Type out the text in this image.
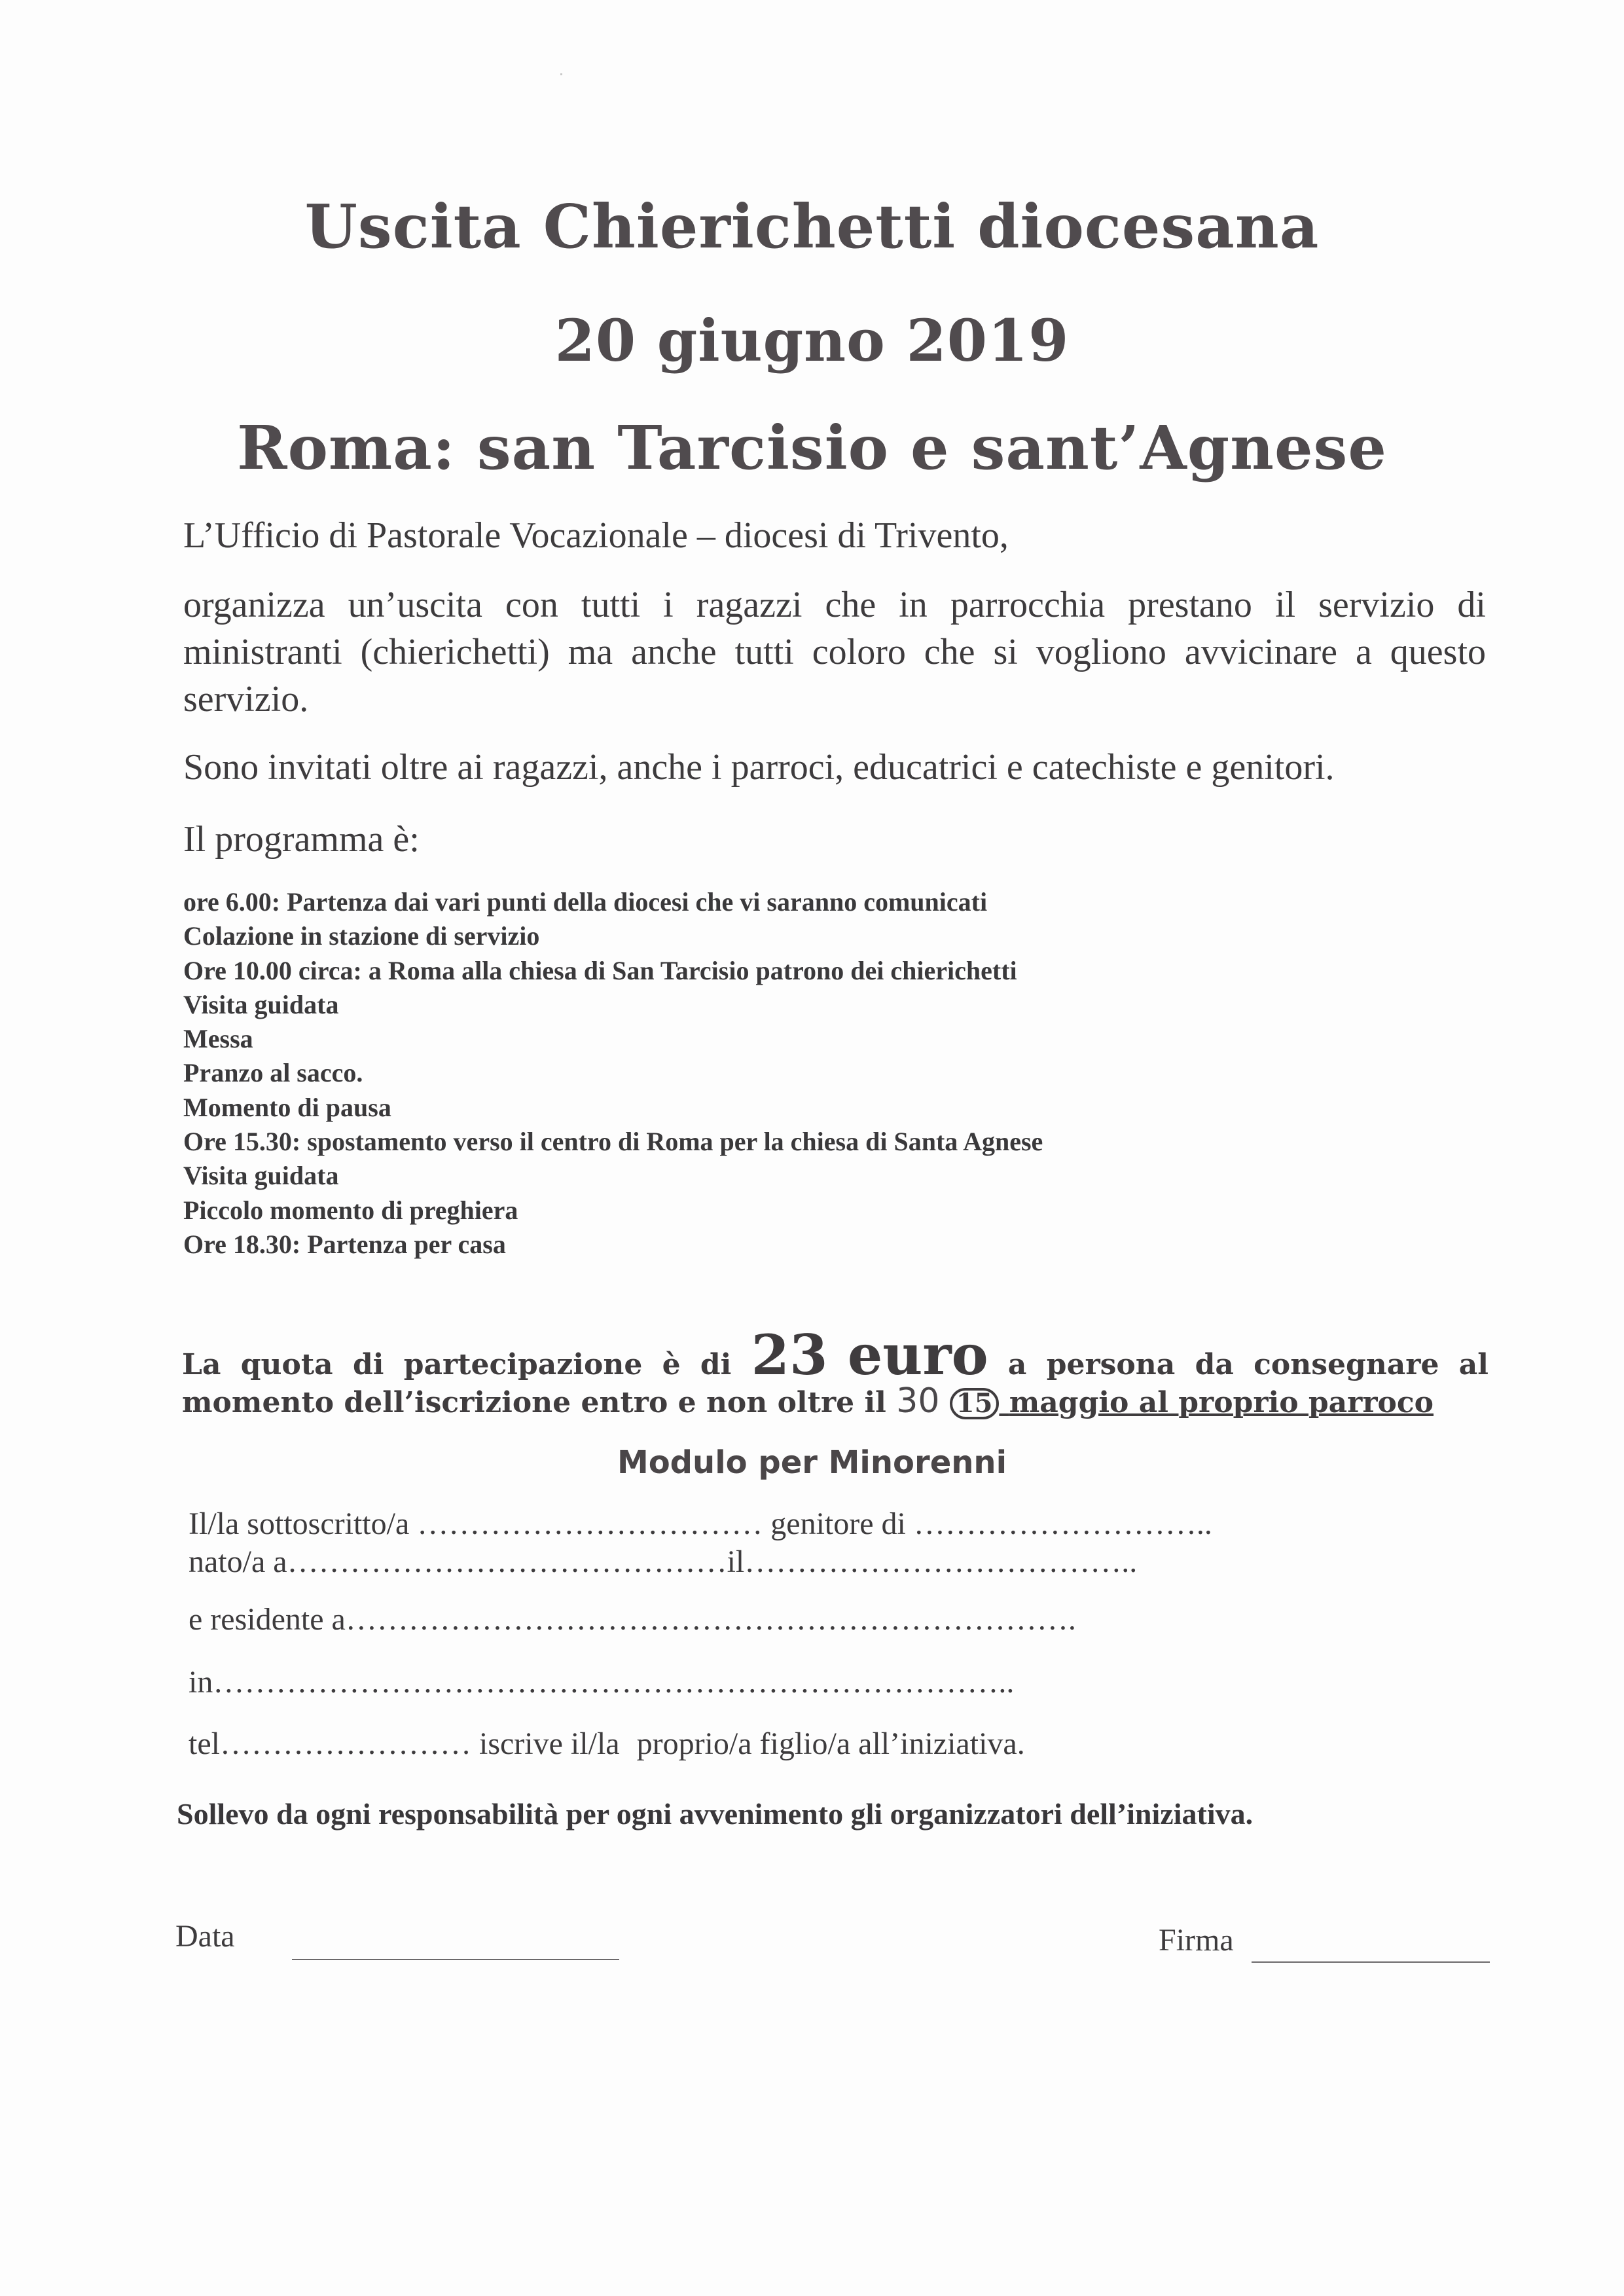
Uscita Chierichetti diocesana
20 giugno 2019
Roma: san Tarcisio e sant’Agnese
L’Ufficio di Pastorale Vocazionale – diocesi di Trivento,
organizza un’uscita con tutti i ragazzi che in parrocchia prestano il servizio di ministranti (chierichetti) ma anche tutti coloro che si vogliono avvicinare a questo servizio.
Sono invitati oltre ai ragazzi, anche i parroci, educatrici e catechiste e genitori.
Il programma è:
ore 6.00: Partenza dai vari punti della diocesi che vi saranno comunicati
Colazione in stazione di servizio
Ore 10.00 circa: a Roma alla chiesa di San Tarcisio patrono dei chierichetti
Visita guidata
Messa
Pranzo al sacco.
Momento di pausa
Ore 15.30: spostamento verso il centro di Roma per la chiesa di Santa Agnese
Visita guidata
Piccolo momento di preghiera
Ore 18.30: Partenza per casa
La quota di partecipazione è di 23 euro a persona da consegnare al
momento dell’iscrizione entro e non oltre il 30 15 maggio al proprio parroco
Modulo per Minorenni
Il/la sottoscritto/a …………………………… genitore di ………………………..
nato/a a……………………………………il………………………………..
e residente a…………………………………………………………….
in…………………………………………………………………..
tel…………………… iscrive il/la proprio/a figlio/a all’iniziativa.
Sollevo da ogni responsabilità per ogni avvenimento gli organizzatori dell’iniziativa.
Data	Firma
